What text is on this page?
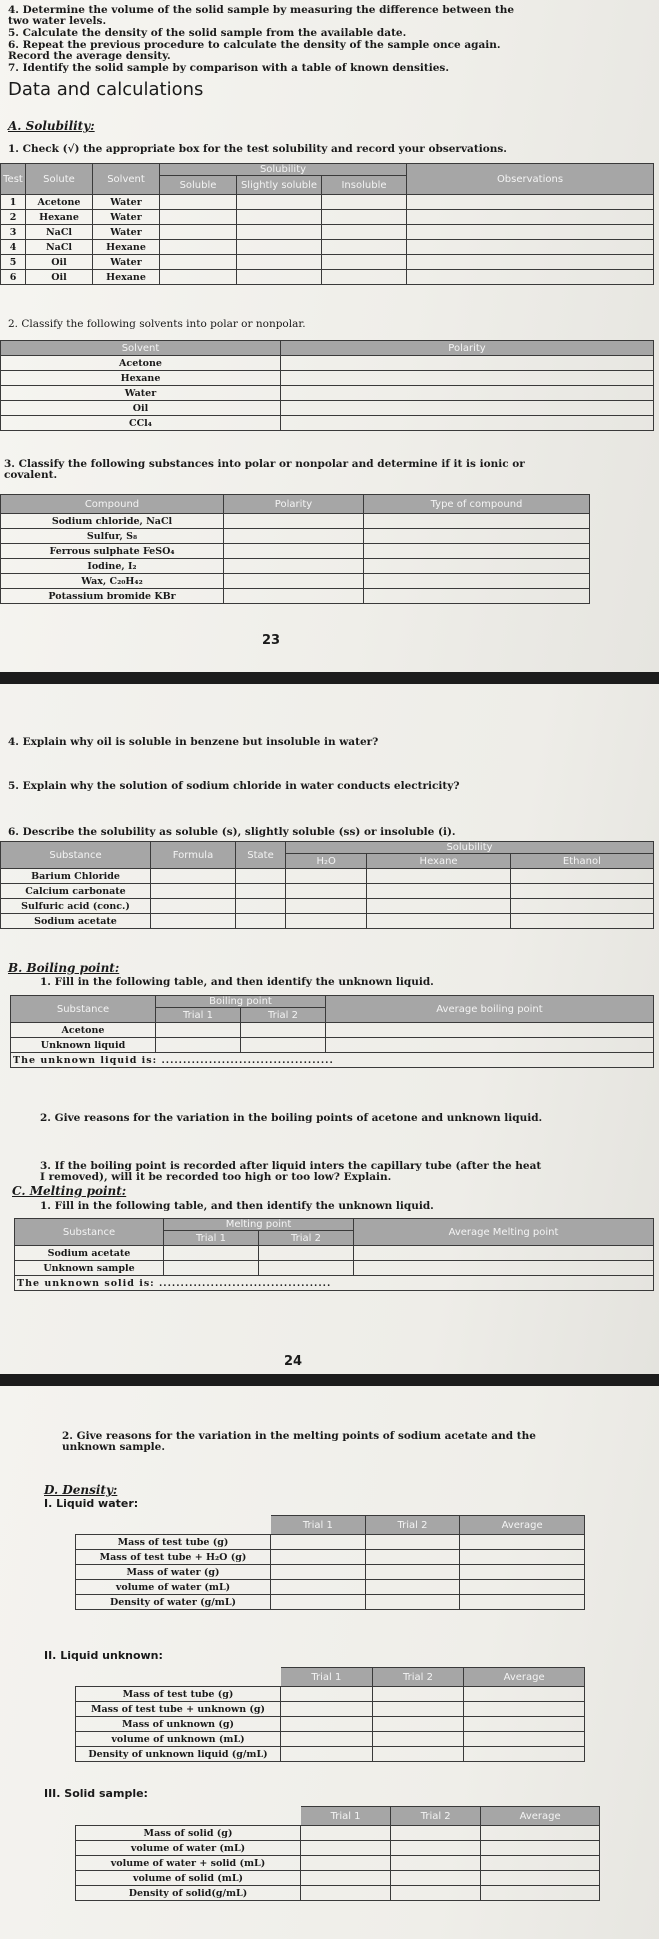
4. Determine the volume of the solid sample by measuring the difference between the
two water levels.
5. Calculate the density of the solid sample from the available date.
6. Repeat the previous procedure to calculate the density of the sample once again.
Record the average density.
7. Identify the solid sample by comparison with a table of known densities.
Data and calculations
A. Solubility:
1. Check (√) the appropriate box for the test solubility and record your observations.
Test	Solute	Solvent	Solubility			Observations
			Soluble	Slightly soluble	Insoluble	
1	Acetone	Water				
2	Hexane	Water				
3	NaCl	Water				
4	NaCl	Hexane				
5	Oil	Water				
6	Oil	Hexane				
2. Classify the following solvents into polar or nonpolar.
Solvent	Polarity
Acetone	
Hexane	
Water	
Oil	
CCl₄	
3. Classify the following substances into polar or nonpolar and determine if it is ionic or
covalent.
Compound	Polarity	Type of compound
Sodium chloride, NaCl		
Sulfur, S₈		
Ferrous sulphate FeSO₄		
Iodine, I₂		
Wax, C₂₀H₄₂		
Potassium bromide KBr		
23
4. Explain why oil is soluble in benzene but insoluble in water?
5. Explain why the solution of sodium chloride in water conducts electricity?
6. Describe the solubility as soluble (s), slightly soluble (ss) or insoluble (i).
Substance	Formula	State	Solubility		
			H₂O	Hexane	Ethanol
Barium Chloride					
Calcium carbonate					
Sulfuric acid (conc.)					
Sodium acetate					
B. Boiling point:
1. Fill in the following table, and then identify the unknown liquid.
Substance	Boiling point		Average boiling point
	Trial 1	Trial 2	
Acetone			
Unknown liquid			
The unknown liquid is: ........................................			
2. Give reasons for the variation in the boiling points of acetone and unknown liquid.
3. If the boiling point is recorded after liquid inters the capillary tube (after the heat
I removed), will it be recorded too high or too low? Explain.
C. Melting point:
1. Fill in the following table, and then identify the unknown liquid.
Substance	Melting point		Average Melting point
	Trial 1	Trial 2	
Sodium acetate			
Unknown sample			
The unknown solid is: ........................................			
24
2. Give reasons for the variation in the melting points of sodium acetate and the
unknown sample.
D. Density:
I. Liquid water:
	Trial 1	Trial 2	Average
Mass of test tube (g)			
Mass of test tube + H₂O (g)			
Mass of water (g)			
volume of water (mL)			
Density of water (g/mL)			
II. Liquid unknown:
	Trial 1	Trial 2	Average
Mass of test tube (g)			
Mass of test tube + unknown (g)			
Mass of unknown (g)			
volume of unknown (mL)			
Density of unknown liquid (g/mL)			
III. Solid sample:
	Trial 1	Trial 2	Average
Mass of solid (g)			
volume of water (mL)			
volume of water + solid (mL)			
volume of solid (mL)			
Density of solid(g/mL)			
